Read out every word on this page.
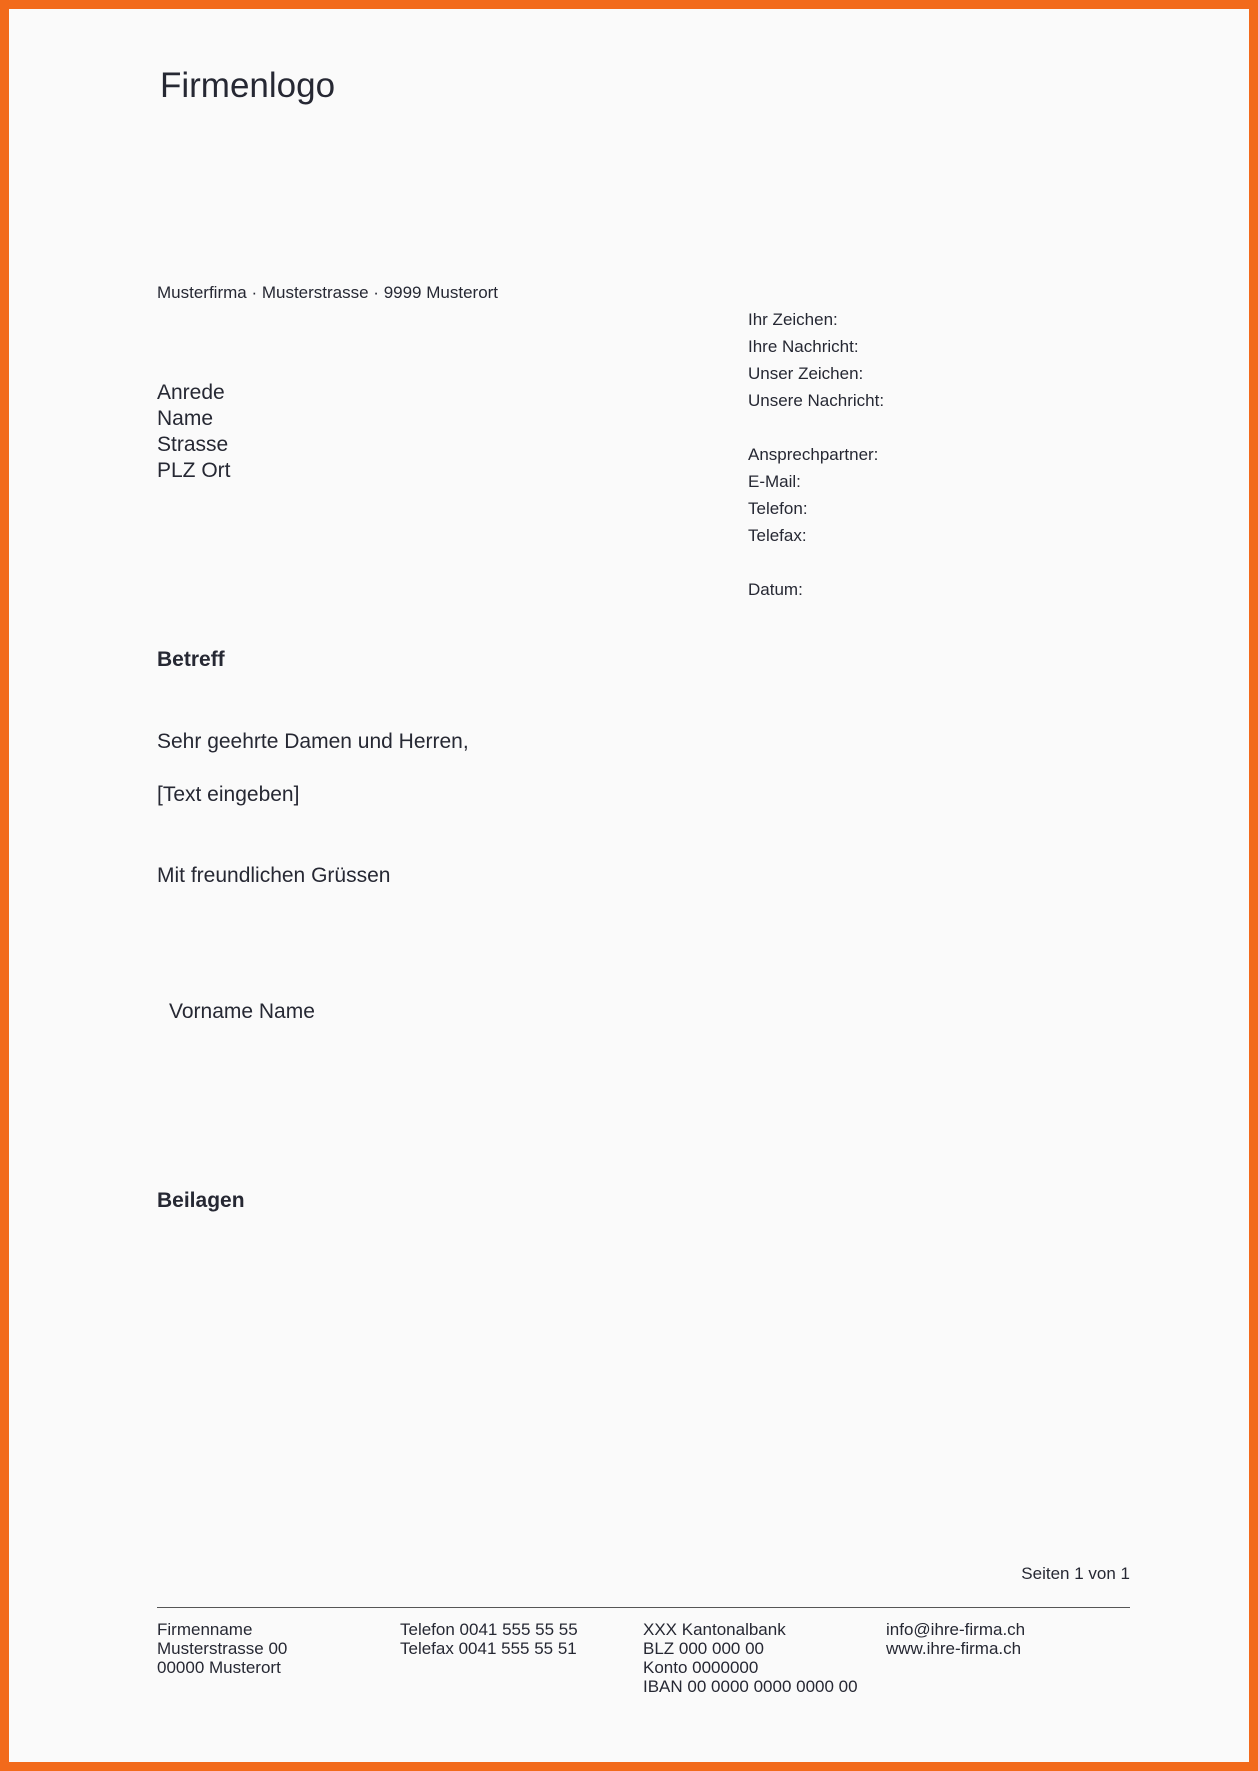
Firmenlogo
Musterfirma · Musterstrasse · 9999 Musterort
Anrede
Name
Strasse
PLZ Ort
Ihr Zeichen:
Ihre Nachricht:
Unser Zeichen:
Unsere Nachricht:
Ansprechpartner:
E-Mail:
Telefon:
Telefax:
Datum:
Betreff
Sehr geehrte Damen und Herren,
[Text eingeben]
Mit freundlichen Grüssen
Vorname Name
Beilagen
Seiten 1 von 1
Firmenname
Musterstrasse 00
00000 Musterort
Telefon 0041 555 55 55
Telefax 0041 555 55 51
XXX Kantonalbank
BLZ 000 000 00
Konto 0000000
IBAN 00 0000 0000 0000 00
info@ihre-firma.ch
www.ihre-firma.ch
